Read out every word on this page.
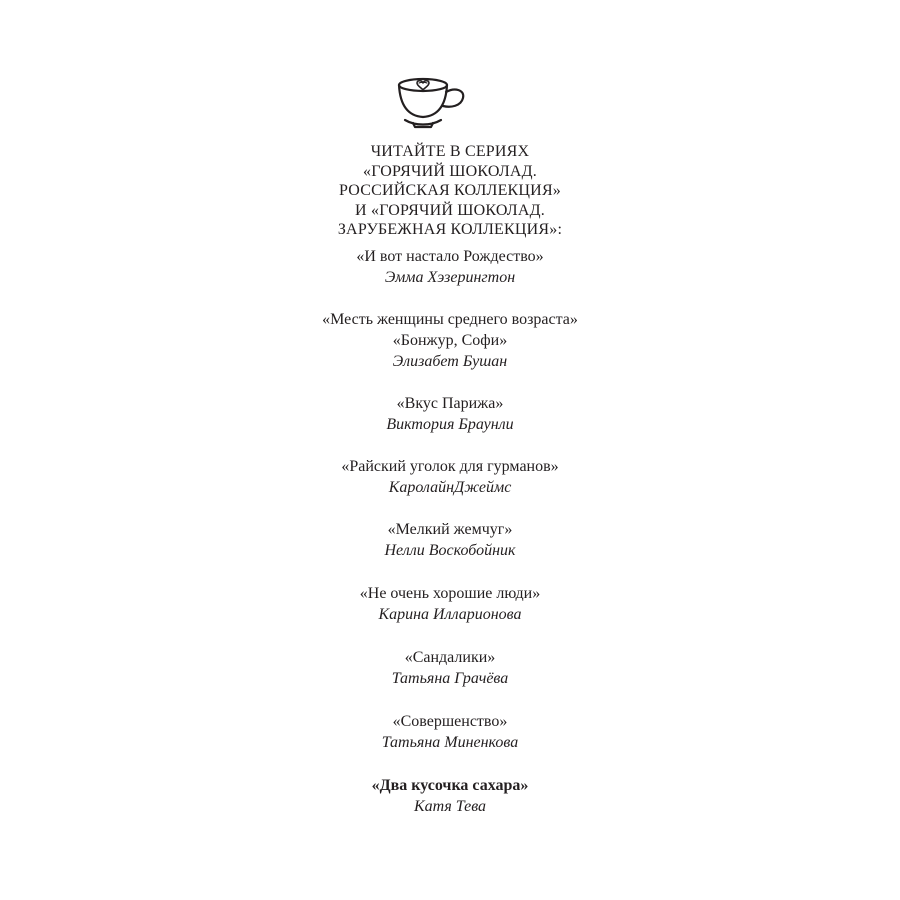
ЧИТАЙТЕ В СЕРИЯХ
«ГОРЯЧИЙ ШОКОЛАД.
РОССИЙСКАЯ КОЛЛЕКЦИЯ»
И «ГОРЯЧИЙ ШОКОЛАД.
ЗАРУБЕЖНАЯ КОЛЛЕКЦИЯ»:
«И вот настало Рождество»
Эмма Хэзерингтон
«Месть женщины среднего возраста»
«Бонжур, Софи»
Элизабет Бушан
«Вкус Парижа»
Виктория Браунли
«Райский уголок для гурманов»
КаролайнДжеймс
«Мелкий жемчуг»
Нелли Воскобойник
«Не очень хорошие люди»
Карина Илларионова
«Сандалики»
Татьяна Грачёва
«Совершенство»
Татьяна Миненкова
«Два кусочка сахара»
Катя Тева
